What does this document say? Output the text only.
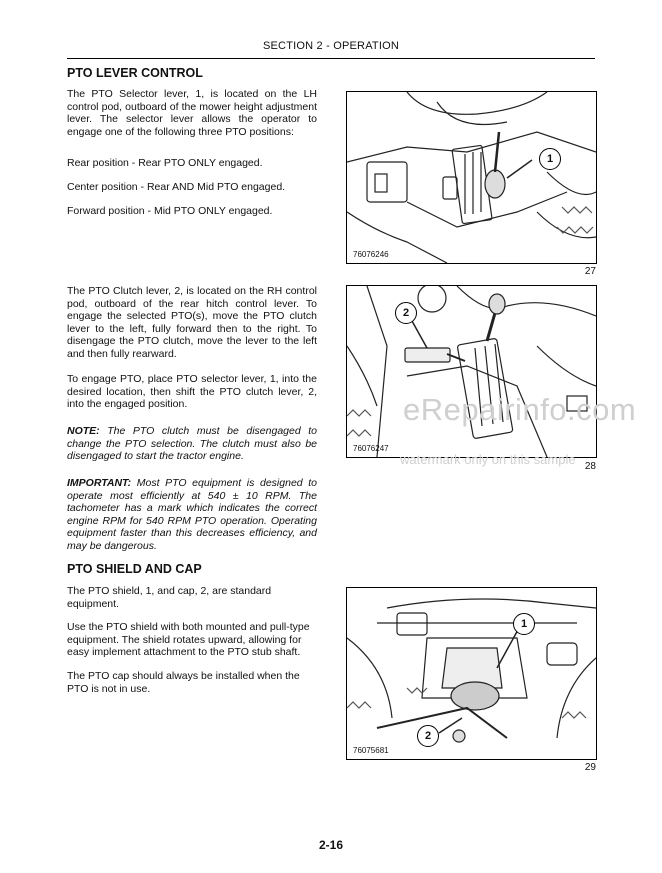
SECTION 2 - OPERATION
PTO LEVER CONTROL
The PTO Selector lever, 1, is located on the LH control pod, outboard of the mower height adjustment lever. The selector lever allows the operator to engage one of the following three PTO positions:
Rear position - Rear PTO ONLY engaged.
Center position - Rear AND Mid PTO engaged.
Forward position - Mid PTO ONLY engaged.
The PTO Clutch lever, 2, is located on the RH control pod, outboard of the rear hitch control lever. To engage the selected PTO(s), move the PTO clutch lever to the left, fully forward then to the right. To disengage the PTO clutch, move the lever to the left and then fully rearward.
To engage PTO, place PTO selector lever, 1, into the desired location, then shift the PTO clutch lever, 2, into the engaged position.
NOTE: The PTO clutch must be disengaged to change the PTO selection. The clutch must also be disengaged to start the tractor engine.
IMPORTANT: Most PTO equipment is designed to operate most efficiently at 540 ± 10 RPM. The tachometer has a mark which indicates the correct engine RPM for 540 RPM PTO operation. Operating equipment faster than this decreases efficiency, and may be dangerous.
PTO SHIELD AND CAP
The PTO shield, 1, and cap, 2, are standard equipment.
Use the PTO shield with both mounted and pull-type equipment. The shield rotates upward, allowing for easy implement attachment to the PTO stub shaft.
The PTO cap should always be installed when the PTO is not in use.
1
76076246
27
2
76076247
28
1
2
76075681
29
eRepairinfo.com
watermark only on this sample
2-16
